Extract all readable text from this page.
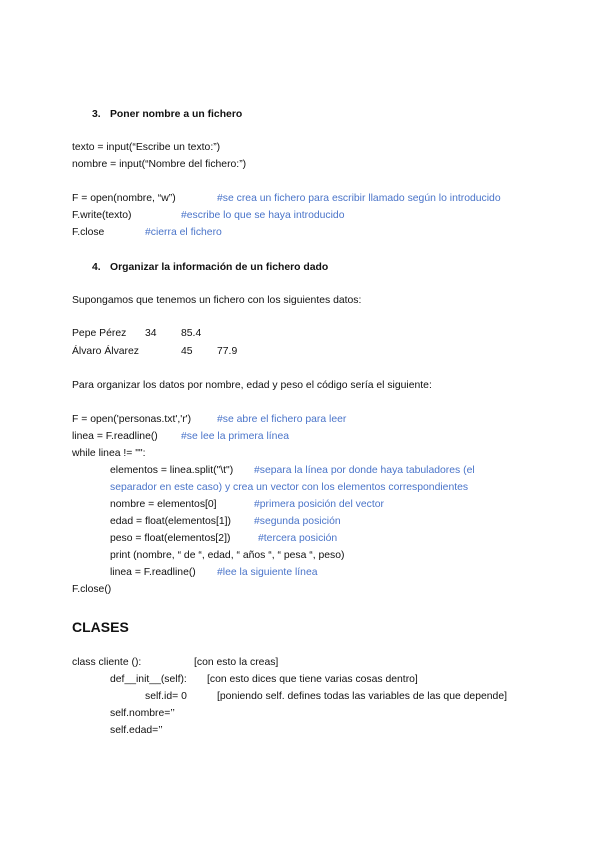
3. Poner nombre a un fichero
texto = input(“Escribe un texto:”)
nombre = input(“Nombre del fichero:”)
F = open(nombre, “w”)	#se crea un fichero para escribir llamado según lo introducido
F.write(texto)	#escribe lo que se haya introducido
F.close	#cierra el fichero
4. Organizar la información de un fichero dado
Supongamos que tenemos un fichero con los siguientes datos:
Pepe Pérez 34 85.4
Álvaro Álvarez	45 77.9
Para organizar los datos por nombre, edad y peso el código sería el siguiente:
F = open('personas.txt','r') #se abre el fichero para leer
linea = F.readline() #se lee la primera línea
while linea != "":
elementos = linea.split("\t") #separa la línea por donde haya tabuladores (el
separador en este caso) y crea un vector con los elementos correspondientes
nombre = elementos[0]	#primera posición del vector
edad = float(elementos[1]) #segunda posición
peso = float(elementos[2])	#tercera posición
print (nombre, “ de “, edad, “ años “, “ pesa “, peso)
linea = F.readline() #lee la siguiente línea
F.close()
CLASES
class cliente ():	[con esto la creas]
def__init__(self): [con esto dices que tiene varias cosas dentro]
self.id= 0	[poniendo self. defines todas las variables de las que depende]
self.nombre=’’
self.edad=’’
